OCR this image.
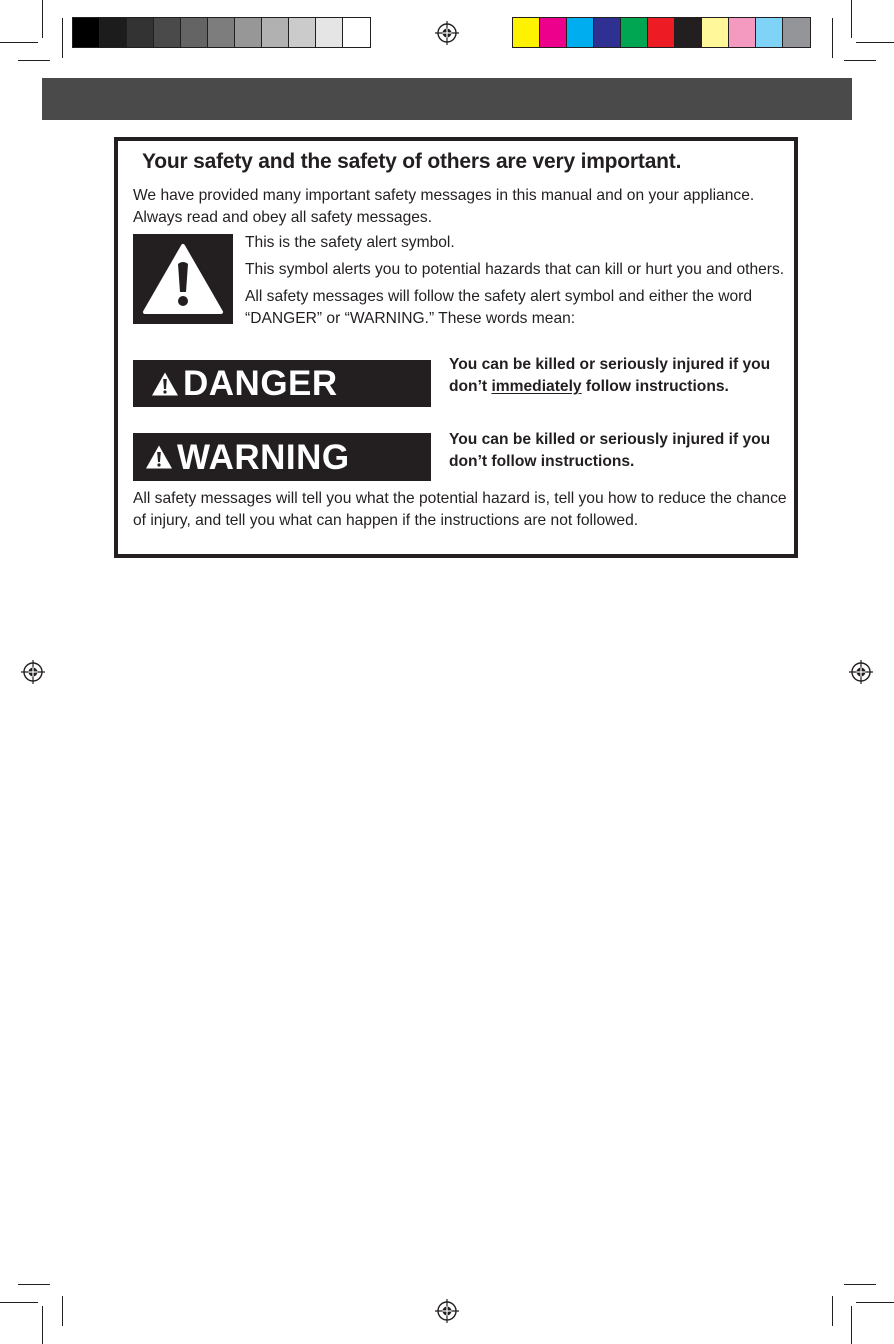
Your safety and the safety of others are very important.
We have provided many important safety messages in this manual and on your appliance. Always read and obey all safety messages.

This is the safety alert symbol.

This symbol alerts you to potential hazards that can kill or hurt you and others.

All safety messages will follow the safety alert symbol and either the word “DANGER” or “WARNING.” These words mean:

DANGER	You can be killed or seriously injured if you don’t immediately follow instructions.
WARNING	You can be killed or seriously injured if you don’t follow instructions.
All safety messages will tell you what the potential hazard is, tell you how to reduce the chance of injury, and tell you what can happen if the instructions are not followed.
